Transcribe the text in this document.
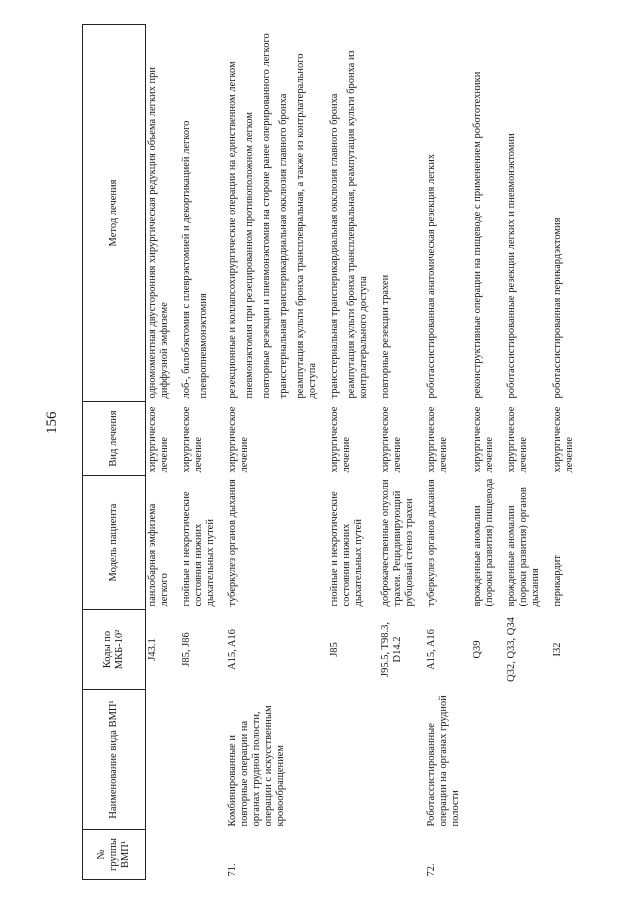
156
№ группы ВМП¹	Наименование вида ВМП¹	Коды по МКБ-10²	Модель пациента	Вид лечения	Метод лечения
		J43.1	панлобарная эмфизема легкого	хирургическое лечение	одномоментная двусторонняя хирургическая редукция объема легких при диффузной эмфиземе

		J85, J86	гнойные и некротические состояния нижних дыхательных путей	хирургическое лечение	лоб-, билобэктомия с плеврэктомией и декортикацией легкого плевропневмонэктомия

71.	Комбинированные и повторные операции на органах грудной полости, операции с искусственным кровообращением	A15, A16	туберкулез органов дыхания	хирургическое лечение	резекционные и коллапсохирургические операции на единственном легком пневмонэктомия при резецированном противоположном легком повторные резекции и пневмонэктомия на стороне ранее оперированного легкого трансстернальная трансперикардиальная окклюзия главного бронха реампутация культи бронха трансплевральная, а также из контрлатерального доступа

		J85	гнойные и некротические состояния нижних дыхательных путей	хирургическое лечение	трансстернальная трансперикардиальная окклюзия главного бронха реампутация культи бронха трансплевральная, реампутация культи бронха из контрлатерального доступа

		J95.5, T98.3, D14.2	доброкачественные опухоли трахеи. Рецидивирующий рубцовый стеноз трахеи	хирургическое лечение	повторные резекции трахеи

72.	Роботассистированные операции на органах грудной полости	A15, A16	туберкулез органов дыхания	хирургическое лечение	роботассистированная анатомическая резекция легких

		Q39	врожденные аномалии (пороки развития) пищевода	хирургическое лечение	реконструктивные операции на пищеводе с применением робототехники

		Q32, Q33, Q34	врожденные аномалии (пороки развития) органов дыхания	хирургическое лечение	роботассистированные резекции легких и пневмонэктомии

		I32	перикардит	хирургическое лечение	роботассистированная перикардэктомия
